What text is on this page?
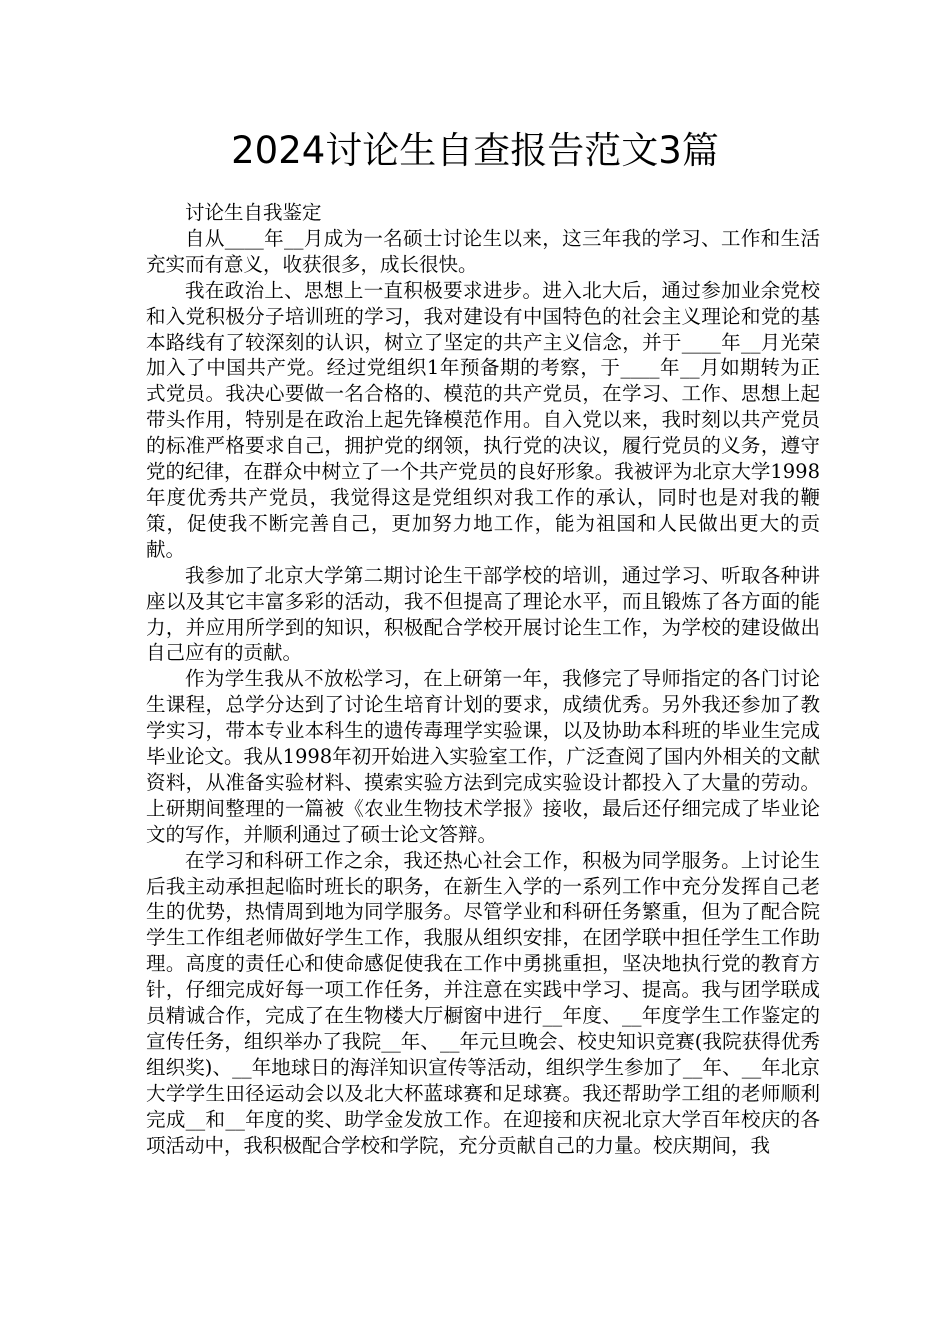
2024讨论生自查报告范文3篇

讨论生自我鉴定

自从____年__月成为一名硕士讨论生以来，这三年我的学习、工作和生活充实而有意义，收获很多，成长很快。

我在政治上、思想上一直积极要求进步。进入北大后，通过参加业余党校和入党积极分子培训班的学习，我对建设有中国特色的社会主义理论和党的基本路线有了较深刻的认识，树立了坚定的共产主义信念，并于____年__月光荣加入了中国共产党。经过党组织1年预备期的考察，于____年__月如期转为正式党员。我决心要做一名合格的、模范的共产党员，在学习、工作、思想上起带头作用，特别是在政治上起先锋模范作用。自入党以来，我时刻以共产党员的标准严格要求自己，拥护党的纲领，执行党的决议，履行党员的义务，遵守党的纪律，在群众中树立了一个共产党员的良好形象。我被评为北京大学1998年度优秀共产党员，我觉得这是党组织对我工作的承认，同时也是对我的鞭策，促使我不断完善自己，更加努力地工作，能为祖国和人民做出更大的贡献。

我参加了北京大学第二期讨论生干部学校的培训，通过学习、听取各种讲座以及其它丰富多彩的活动，我不但提高了理论水平，而且锻炼了各方面的能力，并应用所学到的知识，积极配合学校开展讨论生工作，为学校的建设做出自己应有的贡献。

作为学生我从不放松学习，在上研第一年，我修完了导师指定的各门讨论生课程，总学分达到了讨论生培育计划的要求，成绩优秀。另外我还参加了教学实习，带本专业本科生的遗传毒理学实验课，以及协助本科班的毕业生完成毕业论文。我从1998年初开始进入实验室工作，广泛查阅了国内外相关的文献资料，从准备实验材料、摸索实验方法到完成实验设计都投入了大量的劳动。上研期间整理的一篇被《农业生物技术学报》接收，最后还仔细完成了毕业论文的写作，并顺利通过了硕士论文答辩。

在学习和科研工作之余，我还热心社会工作，积极为同学服务。上讨论生后我主动承担起临时班长的职务，在新生入学的一系列工作中充分发挥自己老生的优势，热情周到地为同学服务。尽管学业和科研任务繁重，但为了配合院学生工作组老师做好学生工作，我服从组织安排，在团学联中担任学生工作助理。高度的责任心和使命感促使我在工作中勇挑重担，坚决地执行党的教育方针，仔细完成好每一项工作任务，并注意在实践中学习、提高。我与团学联成员精诚合作，完成了在生物楼大厅橱窗中进行__年度、__年度学生工作鉴定的宣传任务，组织举办了我院__年、__年元旦晚会、校史知识竞赛(我院获得优秀组织奖)、__年地球日的海洋知识宣传等活动，组织学生参加了__年、__年北京大学学生田径运动会以及北大杯蓝球赛和足球赛。我还帮助学工组的老师顺利完成__和__年度的奖、助学金发放工作。在迎接和庆祝北京大学百年校庆的各项活动中，我积极配合学校和学院，充分贡献自己的力量。校庆期间，我
